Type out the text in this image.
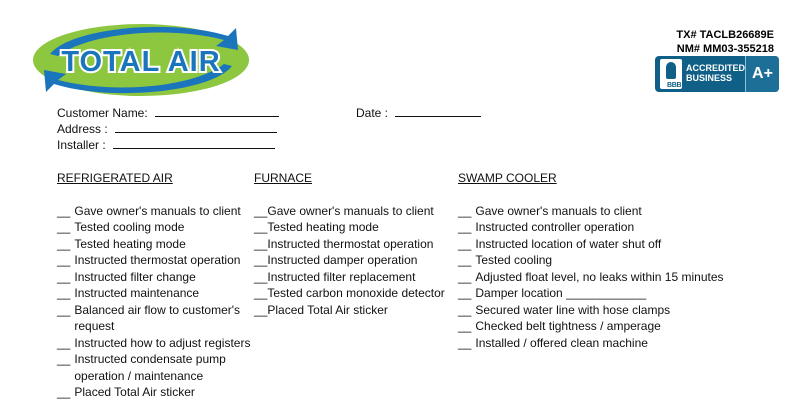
TOTAL AIR
TX# TACLB26689E
NM# MM03-355218
BBB
ACCREDITED
BUSINESS	A+
Customer Name:	Date :
Address :
Installer :
REFRIGERATED AIR
__ Gave owner's manuals to client
__ Tested cooling mode
__ Tested heating mode
__ Instructed thermostat operation
__ Instructed filter change
__ Instructed maintenance
__ Balanced air flow to customer's request
__ Instructed how to adjust registers
__ Instructed condensate pump operation / maintenance
__ Placed Total Air sticker
FURNACE
__ Gave owner's manuals to client
__ Tested heating mode
__ Instructed thermostat operation
__ Instructed damper operation
__ Instructed filter replacement
__ Tested carbon monoxide detector
__ Placed Total Air sticker
SWAMP COOLER
__ Gave owner's manuals to client
__ Instructed controller operation
__ Instructed location of water shut off
__ Tested cooling
__ Adjusted float level, no leaks within 15 minutes
__ Damper location ____________
__ Secured water line with hose clamps
__ Checked belt tightness / amperage
__ Installed / offered clean machine
